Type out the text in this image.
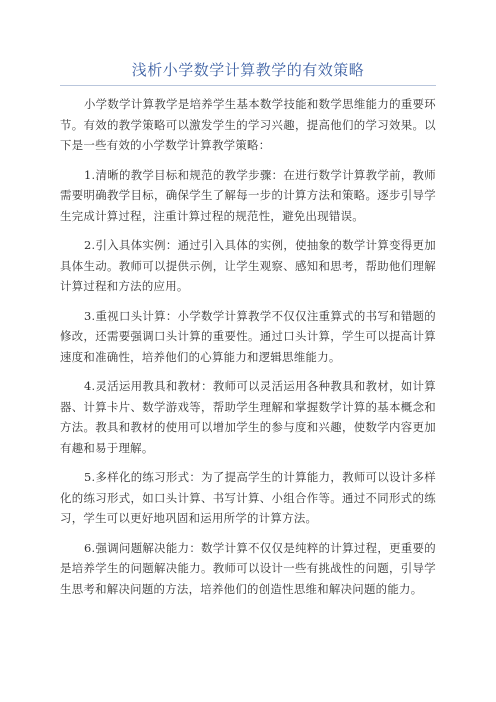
浅析小学数学计算教学的有效策略

小学数学计算教学是培养学生基本数学技能和数学思维能力的重要环节。有效的教学策略可以激发学生的学习兴趣，提高他们的学习效果。以下是一些有效的小学数学计算教学策略：

1.清晰的教学目标和规范的教学步骤：在进行数学计算教学前，教师需要明确教学目标，确保学生了解每一步的计算方法和策略。逐步引导学生完成计算过程，注重计算过程的规范性，避免出现错误。

2.引入具体实例：通过引入具体的实例，使抽象的数学计算变得更加具体生动。教师可以提供示例，让学生观察、感知和思考，帮助他们理解计算过程和方法的应用。

3.重视口头计算：小学数学计算教学不仅仅注重算式的书写和错题的修改，还需要强调口头计算的重要性。通过口头计算，学生可以提高计算速度和准确性，培养他们的心算能力和逻辑思维能力。

4.灵活运用教具和教材：教师可以灵活运用各种教具和教材，如计算器、计算卡片、数学游戏等，帮助学生理解和掌握数学计算的基本概念和方法。教具和教材的使用可以增加学生的参与度和兴趣，使数学内容更加有趣和易于理解。

5.多样化的练习形式：为了提高学生的计算能力，教师可以设计多样化的练习形式，如口头计算、书写计算、小组合作等。通过不同形式的练习，学生可以更好地巩固和运用所学的计算方法。

6.强调问题解决能力：数学计算不仅仅是纯粹的计算过程，更重要的是培养学生的问题解决能力。教师可以设计一些有挑战性的问题，引导学生思考和解决问题的方法，培养他们的创造性思维和解决问题的能力。
